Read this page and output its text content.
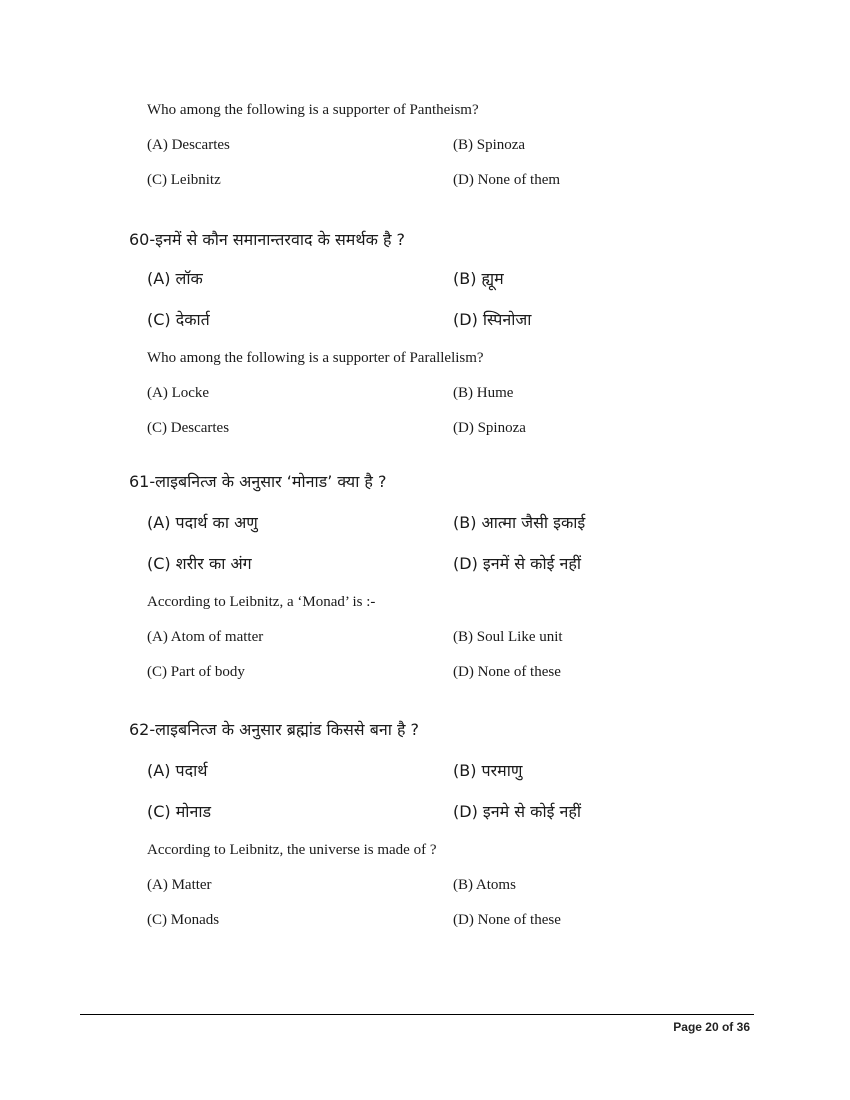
Who among the following is a supporter of Pantheism?
(A) Descartes	(B) Spinoza
(C) Leibnitz	(D) None of them
60-इनमें से कौन समानान्तरवाद के समर्थक है ?
(A) लॉक	(B) ह्यूम
(C) देकार्त	(D) स्पिनोजा
Who among the following is a supporter of Parallelism?
(A) Locke	(B) Hume
(C) Descartes	(D) Spinoza
61-लाइबनित्ज के अनुसार ‘मोनाड’ क्या है ?
(A) पदार्थ का अणु	(B) आत्मा जैसी इकाई
(C) शरीर का अंग	(D) इनमें से कोई नहीं
According to Leibnitz, a ‘Monad’ is :-
(A) Atom of matter	(B) Soul Like unit
(C) Part of body	(D) None of these
62-लाइबनित्ज के अनुसार ब्रह्मांड किससे बना है ?
(A) पदार्थ	(B) परमाणु
(C) मोनाड	(D) इनमे से कोई नहीं
According to Leibnitz, the universe is made of ?
(A) Matter	(B) Atoms
(C) Monads	(D) None of these
Page 20 of 36
